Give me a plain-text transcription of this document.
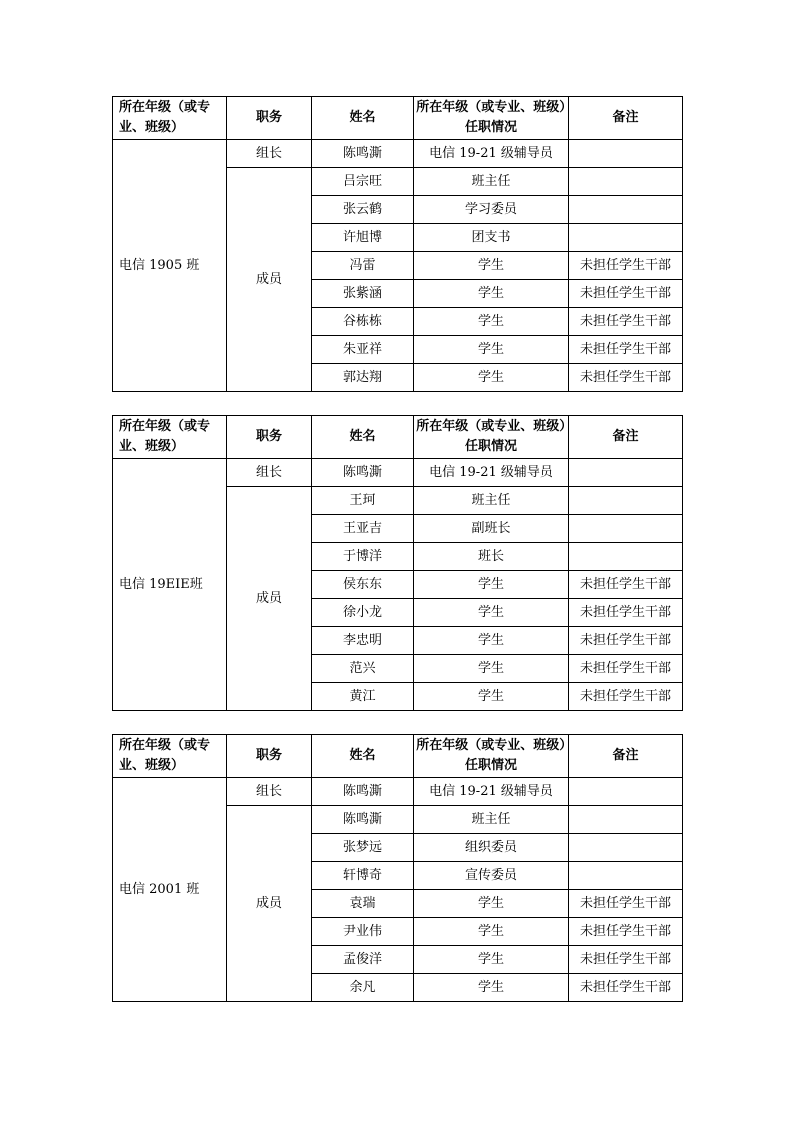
所在年级（或专业、班级）	职务	姓名	所在年级（或专业、班级）任职情况	备注
电信 1905 班	组长	陈鸣澌	电信 19-21 级辅导员	
	成员	吕宗旺	班主任	
		张云鹤	学习委员	
		许旭博	团支书	
		冯雷	学生	未担任学生干部
		张紫涵	学生	未担任学生干部
		谷栋栋	学生	未担任学生干部
		朱亚祥	学生	未担任学生干部
		郭达翔	学生	未担任学生干部
所在年级（或专业、班级）	职务	姓名	所在年级（或专业、班级）任职情况	备注
电信 19EIE班	组长	陈鸣澌	电信 19-21 级辅导员	
	成员	王珂	班主任	
		王亚吉	副班长	
		于博洋	班长	
		侯东东	学生	未担任学生干部
		徐小龙	学生	未担任学生干部
		李忠明	学生	未担任学生干部
		范兴	学生	未担任学生干部
		黄江	学生	未担任学生干部
所在年级（或专业、班级）	职务	姓名	所在年级（或专业、班级）任职情况	备注
电信 2001 班	组长	陈鸣澌	电信 19-21 级辅导员	
	成员	陈鸣澌	班主任	
		张梦远	组织委员	
		轩博奇	宣传委员	
		袁瑞	学生	未担任学生干部
		尹业伟	学生	未担任学生干部
		孟俊洋	学生	未担任学生干部
		余凡	学生	未担任学生干部
